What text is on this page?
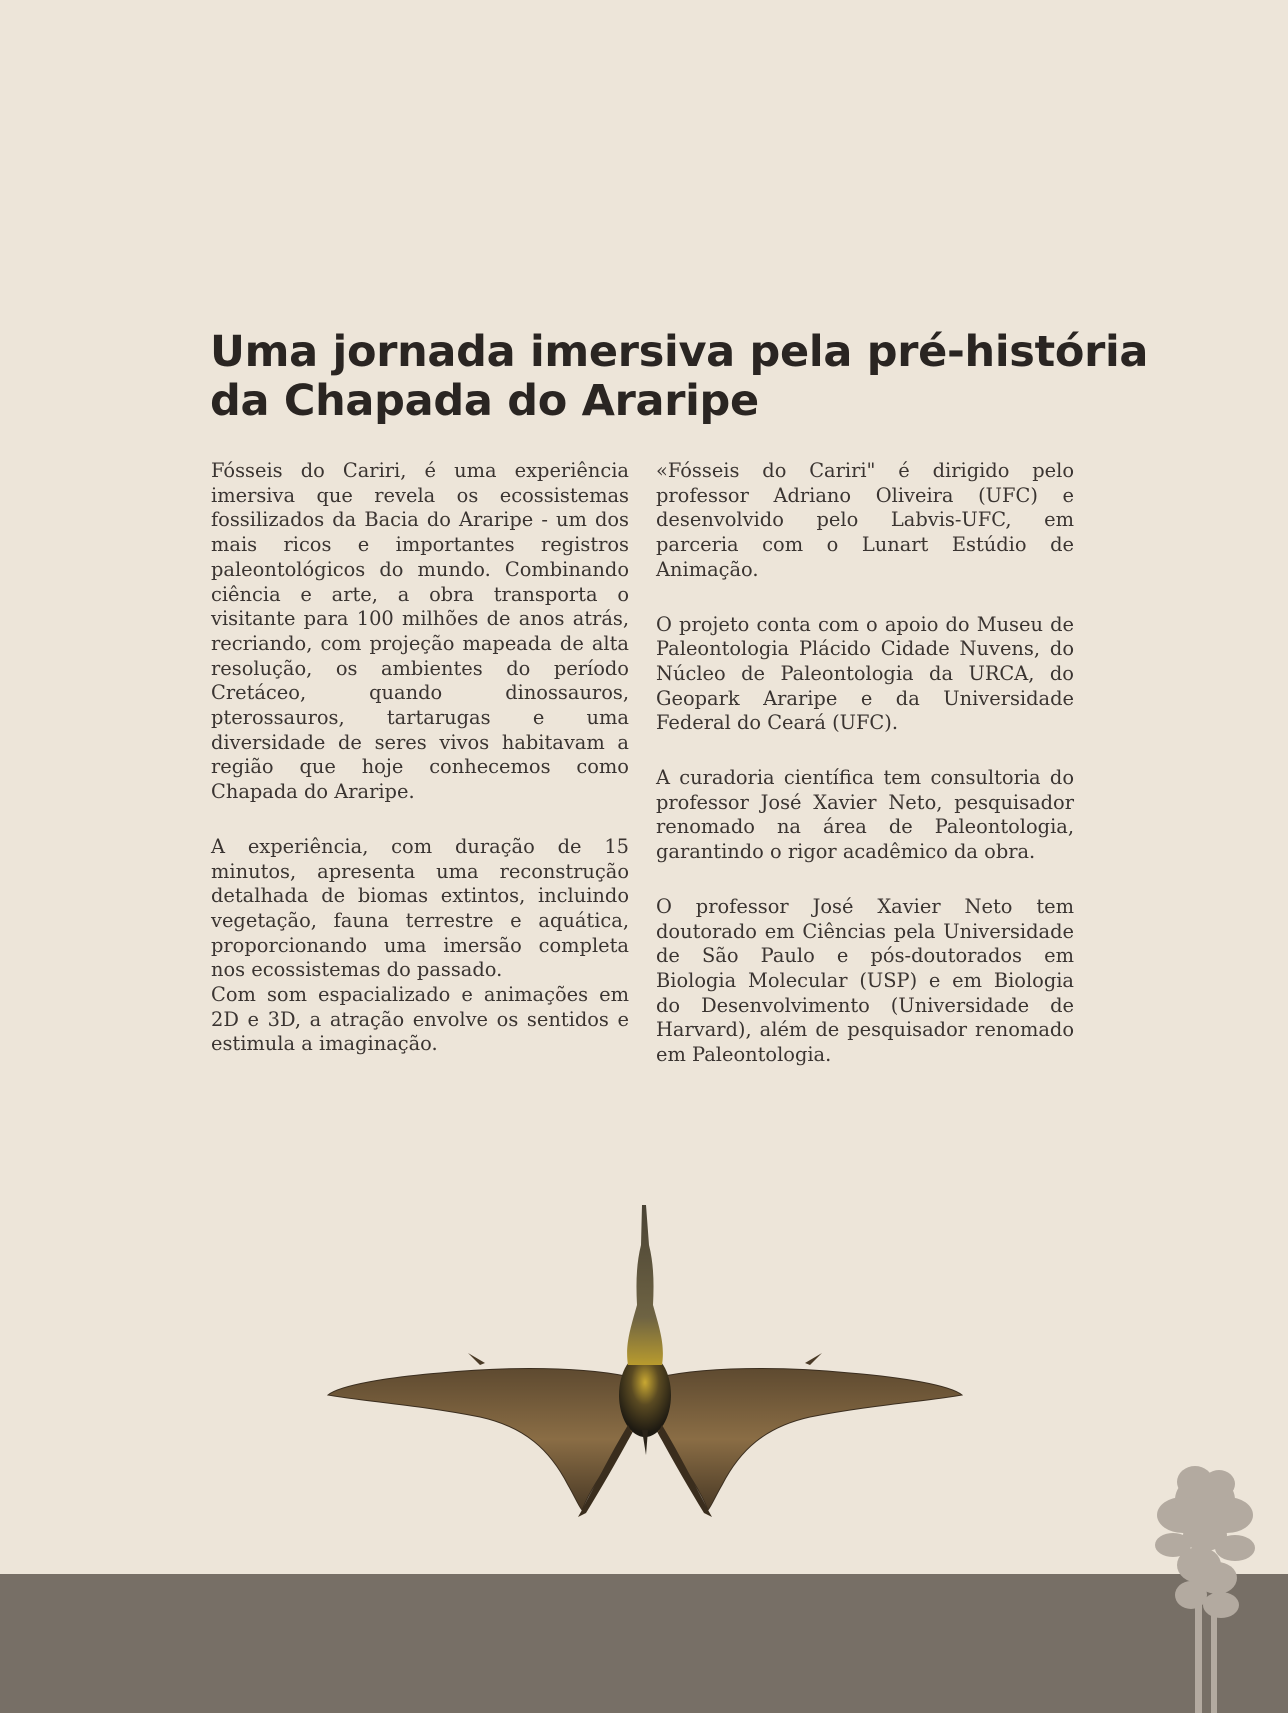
Uma jornada imersiva pela pré-história
da Chapada do Araripe

Fósseis do Cariri, é uma experiência imersiva que revela os ecossistemas fossilizados da Bacia do Araripe - um dos mais ricos e importantes registros paleontológicos do mundo. Combinando ciência e arte, a obra transporta o visitante para 100 milhões de anos atrás, recriando, com projeção mapeada de alta resolução, os ambientes do período Cretáceo, quando dinossauros, pterossauros, tartarugas e uma diversidade de seres vivos habitavam a região que hoje conhecemos como Chapada do Araripe.

A experiência, com duração de 15 minutos, apresenta uma reconstrução detalhada de biomas extintos, incluindo vegetação, fauna terrestre e aquática, proporcionando uma imersão completa nos ecossistemas do passado.

Com som espacializado e animações em 2D e 3D, a atração envolve os sentidos e estimula a imaginação.

«Fósseis do Cariri" é dirigido pelo professor Adriano Oliveira (UFC) e desenvolvido pelo Labvis-UFC, em parceria com o Lunart Estúdio de Animação.

O projeto conta com o apoio do Museu de Paleontologia Plácido Cidade Nuvens, do Núcleo de Paleontologia da URCA, do Geopark Araripe e da Universidade Federal do Ceará (UFC).

A curadoria científica tem consultoria do professor José Xavier Neto, pesquisador renomado na área de Paleontologia, garantindo o rigor acadêmico da obra.

O professor José Xavier Neto tem doutorado em Ciências pela Universidade de São Paulo e pós-doutorados em Biologia Molecular (USP) e em Biologia do Desenvolvimento (Universidade de Harvard), além de pesquisador renomado em Paleontologia.
